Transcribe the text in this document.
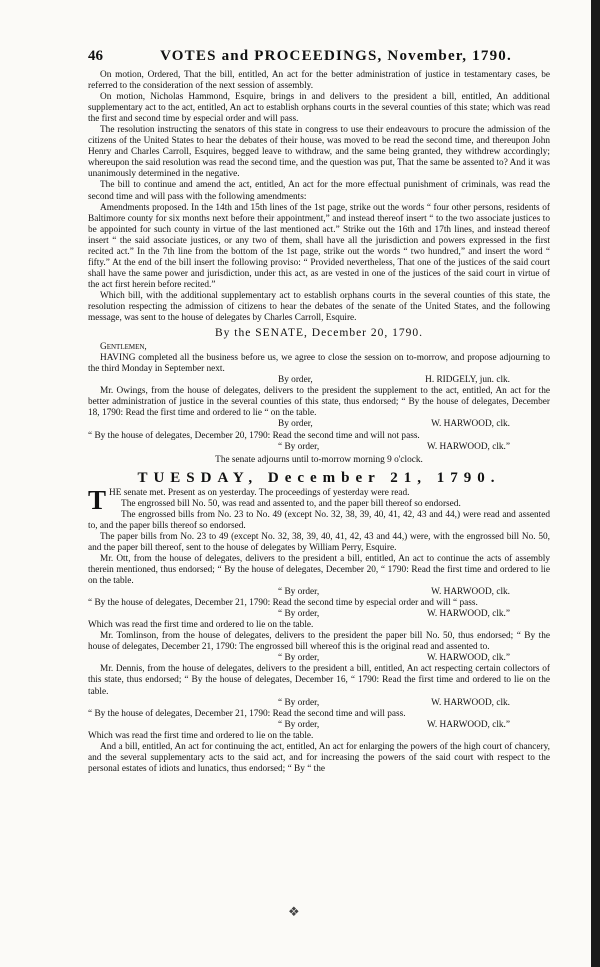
46	VOTES and PROCEEDINGS, November, 1790.

On motion, Ordered, That the bill, entitled, An act for the better administration of justice in testamentary cases, be referred to the consideration of the next session of assembly.

On motion, Nicholas Hammond, Esquire, brings in and delivers to the president a bill, entitled, An additional supplementary act to the act, entitled, An act to establish orphans courts in the several counties of this state; which was read the first and second time by especial order and will pass.

The resolution instructing the senators of this state in congress to use their endeavours to procure the admission of the citizens of the United States to hear the debates of their house, was moved to be read the second time, and thereupon John Henry and Charles Carroll, Esquires, begged leave to withdraw, and the same being granted, they withdrew accordingly; whereupon the said resolution was read the second time, and the question was put, That the same be assented to? And it was unanimously determined in the negative.

The bill to continue and amend the act, entitled, An act for the more effectual punishment of criminals, was read the second time and will pass with the following amendments:

Amendments proposed. In the 14th and 15th lines of the 1st page, strike out the words “ four other persons, residents of Baltimore county for six months next before their appointment,” and instead thereof insert “ to the two associate justices to be appointed for such county in virtue of the last mentioned act.” Strike out the 16th and 17th lines, and instead thereof insert “ the said associate justices, or any two of them, shall have all the jurisdiction and powers expressed in the first recited act.” In the 7th line from the bottom of the 1st page, strike out the words “ two hundred,” and insert the word “ fifty.” At the end of the bill insert the following proviso: “ Provided nevertheless, That one of the justices of the said court shall have the same power and jurisdiction, under this act, as are vested in one of the justices of the said court in virtue of the act first herein before recited.”

Which bill, with the additional supplementary act to establish orphans courts in the several counties of this state, the resolution respecting the admission of citizens to hear the debates of the senate of the United States, and the following message, was sent to the house of delegates by Charles Carroll, Esquire.

By the SENATE, December 20, 1790.

Gentlemen,

HAVING completed all the business before us, we agree to close the session on to-morrow, and propose adjourning to the third Monday in September next.

By order,	H. RIDGELY, jun. clk.

Mr. Owings, from the house of delegates, delivers to the president the supplement to the act, entitled, An act for the better administration of justice in the several counties of this state, thus endorsed; “ By the house of delegates, December 18, 1790: Read the first time and ordered to lie “ on the table.

By order,	W. HARWOOD, clk.

“ By the house of delegates, December 20, 1790: Read the second time and will not pass.

“ By order,	W. HARWOOD, clk.”

The senate adjourns until to-morrow morning 9 o'clock.

TUESDAY, December 21, 1790.

THE senate met. Present as on yesterday. The proceedings of yesterday were read.

The engrossed bill No. 50, was read and assented to, and the paper bill thereof so endorsed.

The engrossed bills from No. 23 to No. 49 (except No. 32, 38, 39, 40, 41, 42, 43 and 44,) were read and assented to, and the paper bills thereof so endorsed.

The paper bills from No. 23 to 49 (except No. 32, 38, 39, 40, 41, 42, 43 and 44,) were, with the engrossed bill No. 50, and the paper bill thereof, sent to the house of delegates by William Perry, Esquire.

Mr. Ott, from the house of delegates, delivers to the president a bill, entitled, An act to continue the acts of assembly therein mentioned, thus endorsed; “ By the house of delegates, December 20, “ 1790: Read the first time and ordered to lie on the table.

“ By order,	W. HARWOOD, clk.

“ By the house of delegates, December 21, 1790: Read the second time by especial order and will “ pass.

“ By order,	W. HARWOOD, clk.”

Which was read the first time and ordered to lie on the table.

Mr. Tomlinson, from the house of delegates, delivers to the president the paper bill No. 50, thus endorsed; “ By the house of delegates, December 21, 1790: The engrossed bill whereof this is the original read and assented to.

“ By order,	W. HARWOOD, clk.”

Mr. Dennis, from the house of delegates, delivers to the president a bill, entitled, An act respecting certain collectors of this state, thus endorsed; “ By the house of delegates, December 16, “ 1790: Read the first time and ordered to lie on the table.

“ By order,	W. HARWOOD, clk.

“ By the house of delegates, December 21, 1790: Read the second time and will pass.

“ By order,	W. HARWOOD, clk.”

Which was read the first time and ordered to lie on the table.

And a bill, entitled, An act for continuing the act, entitled, An act for enlarging the powers of the high court of chancery, and the several supplementary acts to the said act, and for increasing the powers of the said court with respect to the personal estates of idiots and lunatics, thus endorsed; “ By “ the

❖
